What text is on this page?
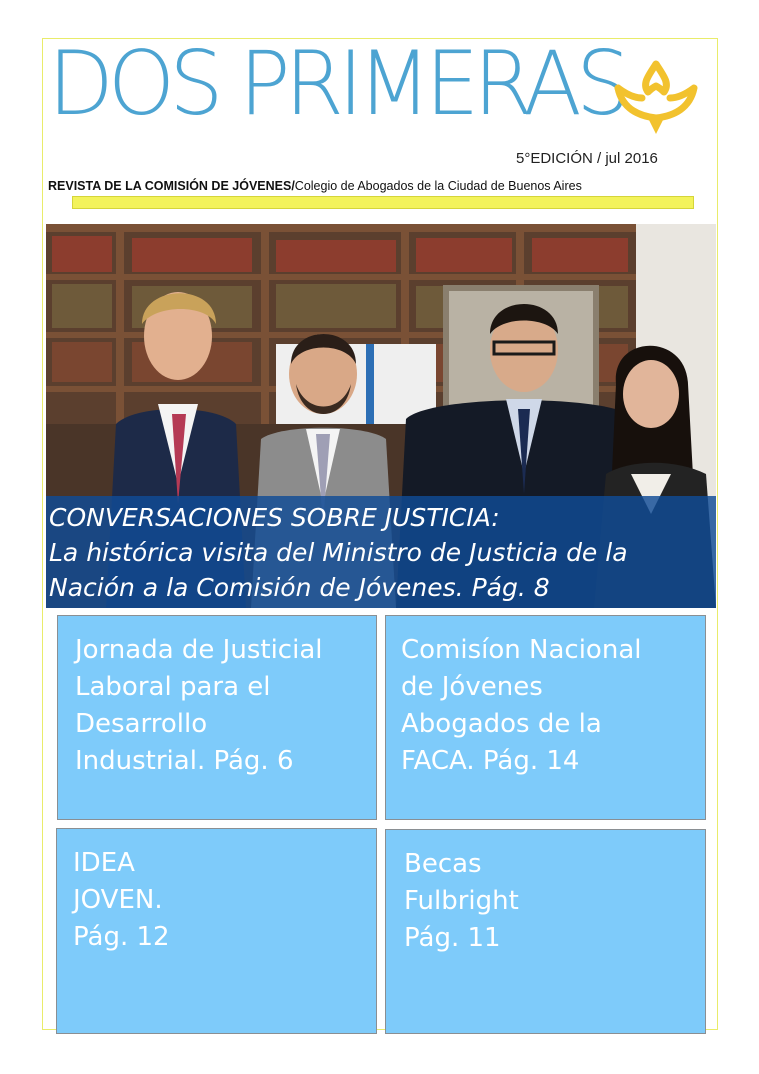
DOS PRIMERAS
5°EDICIÓN / jul 2016
REVISTA DE LA COMISIÓN DE JÓVENES/Colegio de Abogados de la Ciudad de Buenos Aires
CONVERSACIONES SOBRE JUSTICIA:
La histórica visita del Ministro de Justicia de la
Nación a la Comisión de Jóvenes. Pág. 8
Jornada de Justicial
Laboral para el
Desarrollo
Industrial. Pág. 6
Comisíon Nacional
de Jóvenes
Abogados de la
FACA. Pág. 14
IDEA
JOVEN.
Pág. 12
Becas
Fulbright
Pág. 11
